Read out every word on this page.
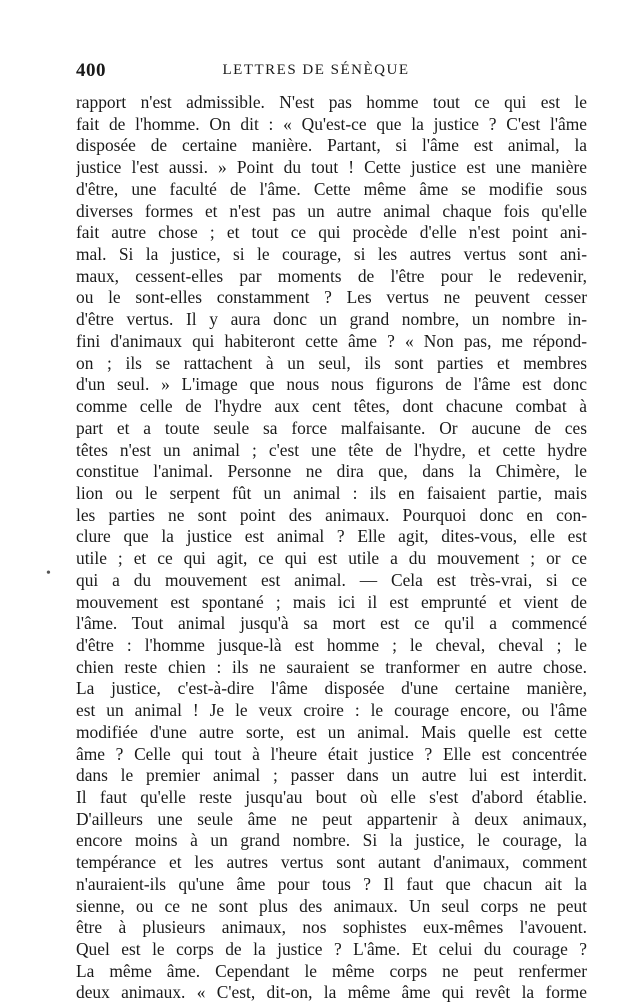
400	LETTRES DE SÉNÈQUE
•
rapport n'est admissible. N'est pas homme tout ce qui est le
fait de l'homme. On dit : « Qu'est-ce que la justice ? C'est l'âme
disposée de certaine manière. Partant, si l'âme est animal, la
justice l'est aussi. » Point du tout ! Cette justice est une manière
d'être, une faculté de l'âme. Cette même âme se modifie sous
diverses formes et n'est pas un autre animal chaque fois qu'elle
fait autre chose ; et tout ce qui procède d'elle n'est point ani-
mal. Si la justice, si le courage, si les autres vertus sont ani-
maux, cessent-elles par moments de l'être pour le redevenir,
ou le sont-elles constamment ? Les vertus ne peuvent cesser
d'être vertus. Il y aura donc un grand nombre, un nombre in-
fini d'animaux qui habiteront cette âme ? « Non pas, me répond-
on ; ils se rattachent à un seul, ils sont parties et membres
d'un seul. » L'image que nous nous figurons de l'âme est donc
comme celle de l'hydre aux cent têtes, dont chacune combat à
part et a toute seule sa force malfaisante. Or aucune de ces
têtes n'est un animal ; c'est une tête de l'hydre, et cette hydre
constitue l'animal. Personne ne dira que, dans la Chimère, le
lion ou le serpent fût un animal : ils en faisaient partie, mais
les parties ne sont point des animaux. Pourquoi donc en con-
clure que la justice est animal ? Elle agit, dites-vous, elle est
utile ; et ce qui agit, ce qui est utile a du mouvement ; or ce
qui a du mouvement est animal. — Cela est très-vrai, si ce
mouvement est spontané ; mais ici il est emprunté et vient de
l'âme. Tout animal jusqu'à sa mort est ce qu'il a commencé
d'être : l'homme jusque-là est homme ; le cheval, cheval ; le
chien reste chien : ils ne sauraient se tranformer en autre chose.
La justice, c'est-à-dire l'âme disposée d'une certaine manière,
est un animal ! Je le veux croire : le courage encore, ou l'âme
modifiée d'une autre sorte, est un animal. Mais quelle est cette
âme ? Celle qui tout à l'heure était justice ? Elle est concentrée
dans le premier animal ; passer dans un autre lui est interdit.
Il faut qu'elle reste jusqu'au bout où elle s'est d'abord établie.
D'ailleurs une seule âme ne peut appartenir à deux animaux,
encore moins à un grand nombre. Si la justice, le courage, la
tempérance et les autres vertus sont autant d'animaux, comment
n'auraient-ils qu'une âme pour tous ? Il faut que chacun ait la
sienne, ou ce ne sont plus des animaux. Un seul corps ne peut
être à plusieurs animaux, nos sophistes eux-mêmes l'avouent.
Quel est le corps de la justice ? L'âme. Et celui du courage ?
La même âme. Cependant le même corps ne peut renfermer
deux animaux. « C'est, dit-on, la même âme qui revêt la forme
